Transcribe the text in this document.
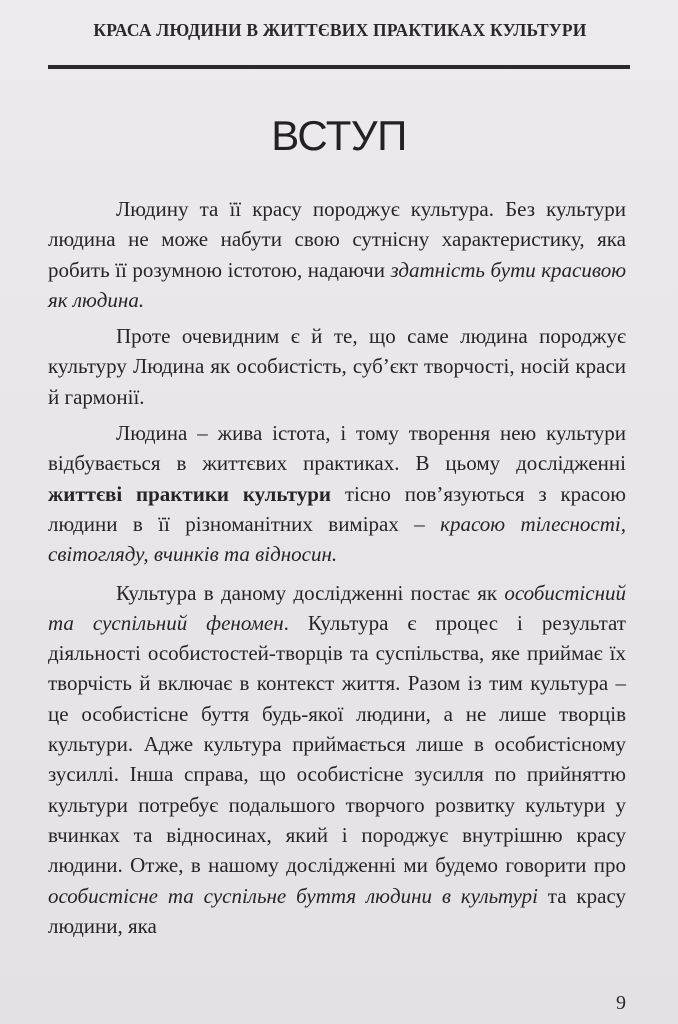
КРАСА ЛЮДИНИ В ЖИТТЄВИХ ПРАКТИКАХ КУЛЬТУРИ
ВСТУП

Людину та її красу породжує культура. Без культури людина не може набути свою сутнісну характеристику, яка робить її розумною істотою, надаючи здатність бути красивою як людина.

Проте очевидним є й те, що саме людина породжує культуру Людина як особистість, суб’єкт творчості, носій краси й гармонії.

Людина – жива істота, і тому творення нею культури відбувається в життєвих практиках. В цьому дослідженні життєві практики культури тісно пов’язуються з красою людини в її різноманітних вимірах – красою тілесності, світогляду, вчинків та відносин.

Культура в даному дослідженні постає як особистісний та суспільний феномен. Культура є процес і результат діяльності особистостей-творців та суспільства, яке приймає їх творчість й включає в контекст життя. Разом із тим культура – це особистісне буття будь-якої людини, а не лише творців культури. Адже культура приймається лише в особистісному зусиллі. Інша справа, що особистісне зусилля по прийняттю культури потребує подальшого творчого розвитку культури у вчинках та відносинах, який і породжує внутрішню красу людини. Отже, в нашому дослідженні ми будемо говорити про особистісне та суспільне буття людини в культурі та красу людини, яка

9
